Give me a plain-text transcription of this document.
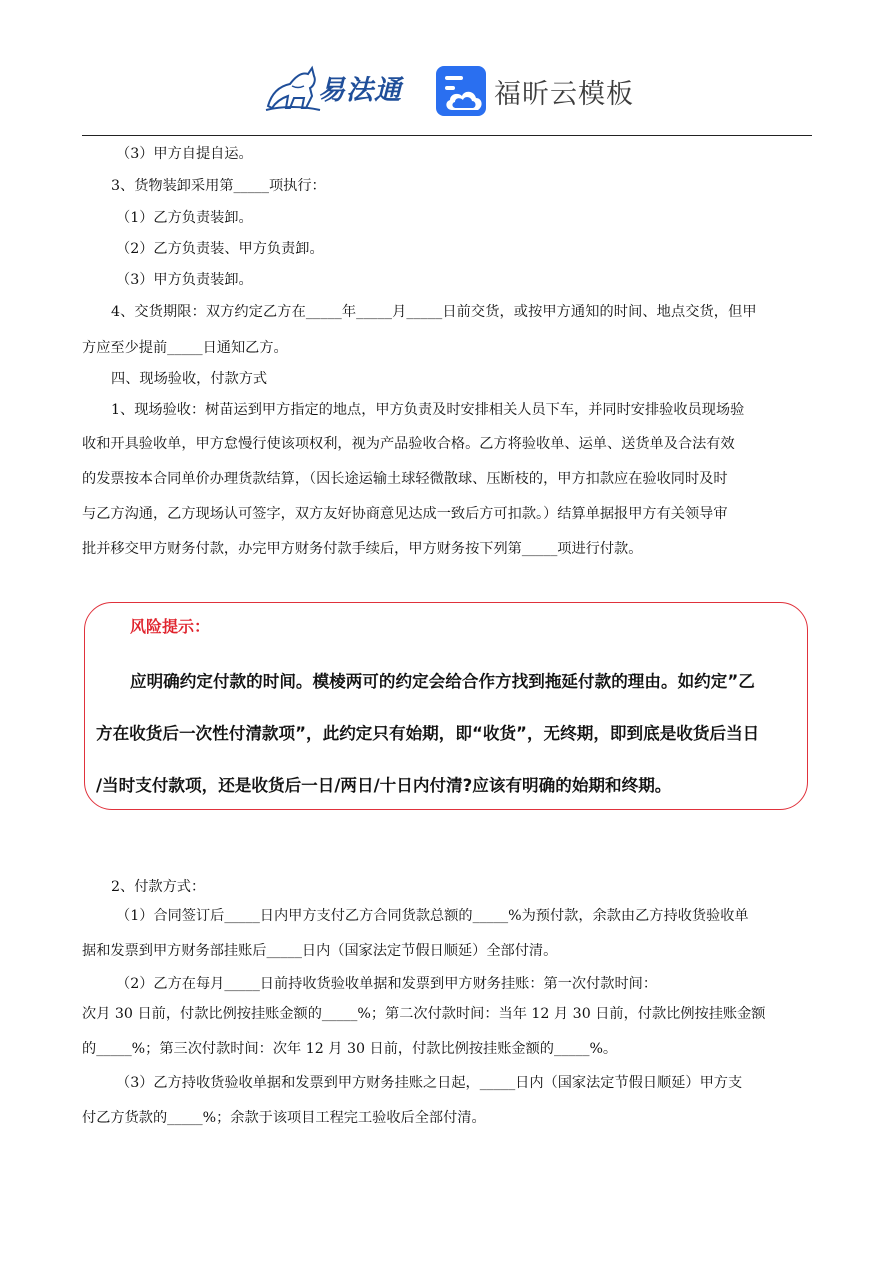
易法通	福昕云模板
（3）甲方自提自运。
3、货物装卸采用第_____项执行：
（1）乙方负责装卸。
（2）乙方负责装、甲方负责卸。
（3）甲方负责装卸。
4、交货期限：双方约定乙方在_____年_____月_____日前交货，或按甲方通知的时间、地点交货，但甲
方应至少提前_____日通知乙方。
四、现场验收，付款方式
1、现场验收：树苗运到甲方指定的地点，甲方负责及时安排相关人员下车，并同时安排验收员现场验
收和开具验收单，甲方怠慢行使该项权利，视为产品验收合格。乙方将验收单、运单、送货单及合法有效
的发票按本合同单价办理货款结算，（因长途运输土球轻微散球、压断枝的，甲方扣款应在验收同时及时
与乙方沟通，乙方现场认可签字，双方友好协商意见达成一致后方可扣款。）结算单据报甲方有关领导审
批并移交甲方财务付款，办完甲方财务付款手续后，甲方财务按下列第_____项进行付款。
风险提示：
应明确约定付款的时间。模棱两可的约定会给合作方找到拖延付款的理由。如约定”乙
方在收货后一次性付清款项”，此约定只有始期，即“收货”，无终期，即到底是收货后当日
/当时支付款项，还是收货后一日/两日/十日内付清?应该有明确的始期和终期。
2、付款方式：
（1）合同签订后_____日内甲方支付乙方合同货款总额的_____%为预付款，余款由乙方持收货验收单
据和发票到甲方财务部挂账后_____日内（国家法定节假日顺延）全部付清。
（2）乙方在每月_____日前持收货验收单据和发票到甲方财务挂账：第一次付款时间：
次月 30 日前，付款比例按挂账金额的_____%；第二次付款时间：当年 12 月 30 日前，付款比例按挂账金额
的_____%；第三次付款时间：次年 12 月 30 日前，付款比例按挂账金额的_____%。
（3）乙方持收货验收单据和发票到甲方财务挂账之日起，_____日内（国家法定节假日顺延）甲方支
付乙方货款的_____%；余款于该项目工程完工验收后全部付清。
